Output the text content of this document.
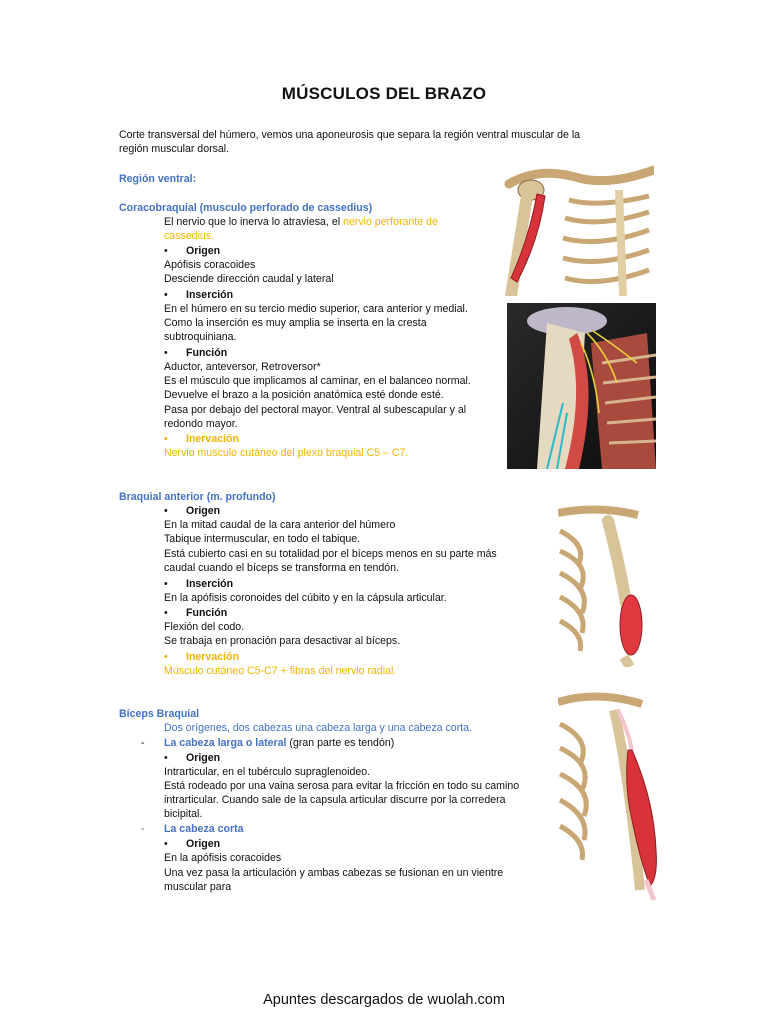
MÚSCULOS DEL BRAZO
Corte transversal del húmero, vemos una aponeurosis que separa la región ventral muscular de la
región muscular dorsal.
Región ventral:
Coracobraquial (musculo perforado de cassedius)
El nervio que lo inerva lo atraviesa, el nervio perforante de
cassedius.
• Origen
Apófisis coracoides
Desciende dirección caudal y lateral
• Inserción
En el húmero en su tercio medio superior, cara anterior y medial.
Como la inserción es muy amplia se inserta en la cresta
subtroquiniana.
• Función
Aductor, anteversor, Retroversor*
Es el músculo que implicamos al caminar, en el balanceo normal.
Devuelve el brazo a la posición anatómica esté donde esté.
Pasa por debajo del pectoral mayor. Ventral al subescapular y al
redondo mayor.
• Inervación
Nervio musculo cutáneo del plexo braquial C5 – C7.
Braquial anterior (m. profundo)
• Origen
En la mitad caudal de la cara anterior del húmero
Tabique intermuscular, en todo el tabique.
Está cubierto casi en su totalidad por el bíceps menos en su parte más
caudal cuando el bíceps se transforma en tendón.
• Inserción
En la apófisis coronoides del cúbito y en la cápsula articular.
• Función
Flexión del codo.
Se trabaja en pronación para desactivar al bíceps.
• Inervación
Músculo cutáneo C5-C7 + fibras del nervio radial.
Bíceps Braquial
Dos orígenes, dos cabezas una cabeza larga y una cabeza corta.
- La cabeza larga o lateral (gran parte es tendón)
• Origen
Intrarticular, en el tubérculo supraglenoideo.
Está rodeado por una vaina serosa para evitar la fricción en todo su camino
intrarticular. Cuando sale de la capsula articular discurre por la corredera
bicipital.
- La cabeza corta
• Origen
En la apófisis coracoides
Una vez pasa la articulación y ambas cabezas se fusionan en un vientre
muscular para
Apuntes descargados de wuolah.com
